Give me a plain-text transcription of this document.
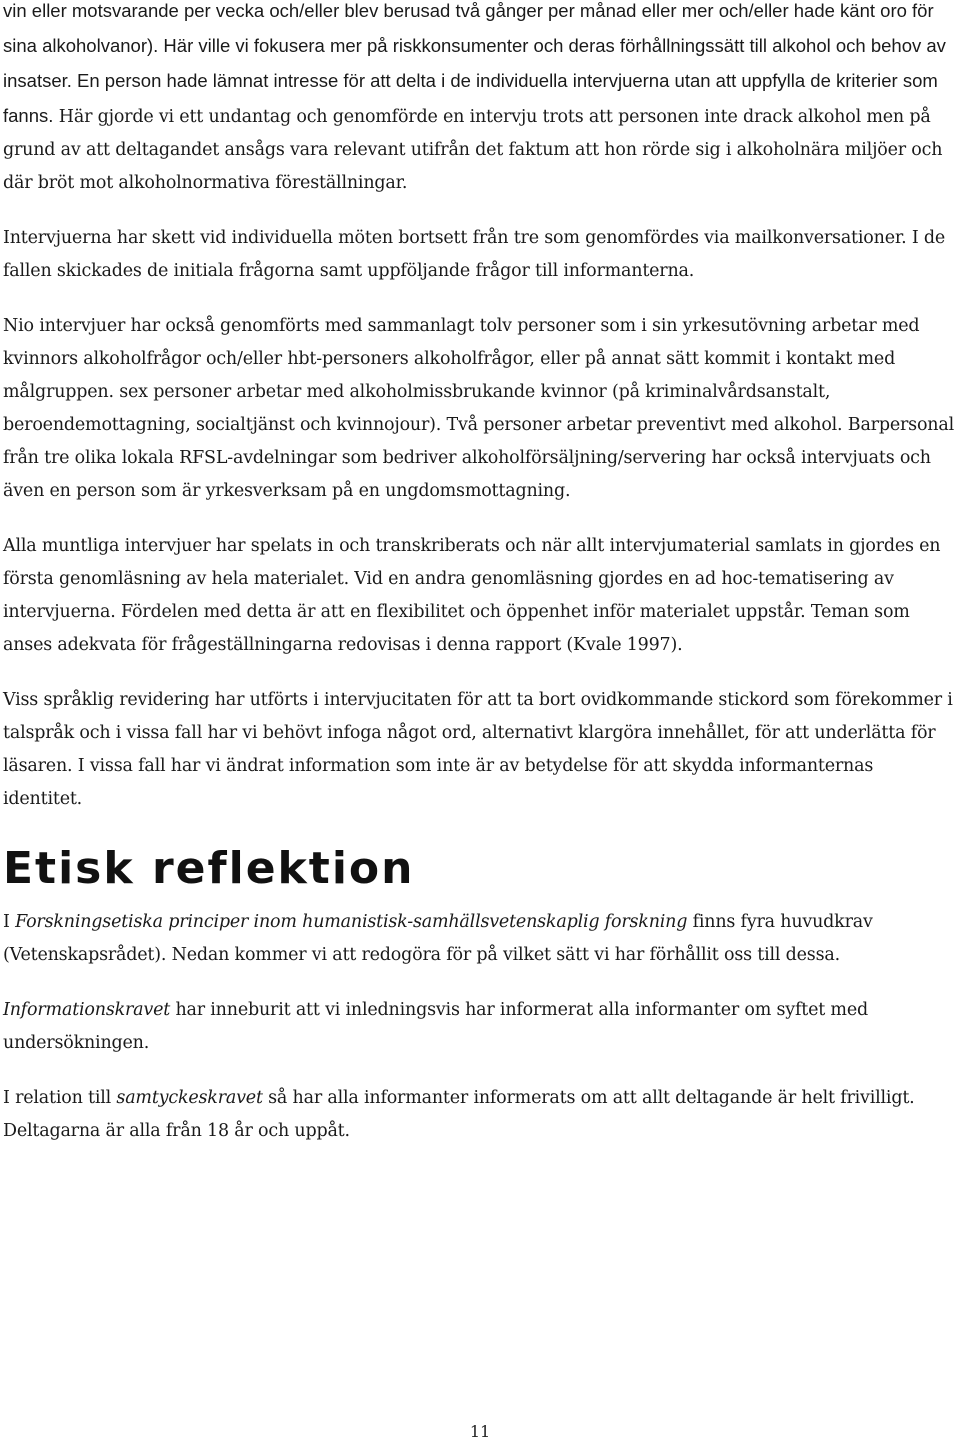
vin eller motsvarande per vecka och/eller blev berusad två gånger per månad eller mer och/eller hade känt oro för sina alkoholvanor). Här ville vi fokusera mer på riskkonsumenter och deras förhållningssätt till alkohol och behov av insatser. En person hade lämnat intresse för att delta i de individuella intervjuerna utan att uppfylla de kriterier som fanns. Här gjorde vi ett undantag och genomförde en intervju trots att personen inte drack alkohol men på grund av att deltagandet ansågs vara relevant utifrån det faktum att hon rörde sig i alkoholnära miljöer och där bröt mot alkoholnormativa föreställningar.

Intervjuerna har skett vid individuella möten bortsett från tre som genomfördes via mailkonversationer. I de fallen skickades de initiala frågorna samt uppföljande frågor till informanterna.

Nio intervjuer har också genomförts med sammanlagt tolv personer som i sin yrkesutövning arbetar med kvinnors alkoholfrågor och/eller hbt-personers alkoholfrågor, eller på annat sätt kommit i kontakt med målgruppen. sex personer arbetar med alkoholmissbrukande kvinnor (på kriminalvårdsanstalt, beroendemottagning, socialtjänst och kvinnojour). Två personer arbetar preventivt med alkohol. Barpersonal från tre olika lokala RFSL-avdelningar som bedriver alkoholförsäljning/servering har också intervjuats och även en person som är yrkesverksam på en ungdomsmottagning.

Alla muntliga intervjuer har spelats in och transkriberats och när allt intervjumaterial samlats in gjordes en första genomläsning av hela materialet. Vid en andra genomläsning gjordes en ad hoc-tematisering av intervjuerna. Fördelen med detta är att en flexibilitet och öppenhet inför materialet uppstår. Teman som anses adekvata för frågeställningarna redovisas i denna rapport (Kvale 1997).

Viss språklig revidering har utförts i intervjucitaten för att ta bort ovidkommande stickord som förekommer i talspråk och i vissa fall har vi behövt infoga något ord, alternativt klargöra innehållet, för att underlätta för läsaren. I vissa fall har vi ändrat information som inte är av betydelse för att skydda informanternas identitet.

Etisk reflektion

I Forskningsetiska principer inom humanistisk-samhällsvetenskaplig forskning finns fyra huvudkrav (Vetenskapsrådet). Nedan kommer vi att redogöra för på vilket sätt vi har förhållit oss till dessa.

Informationskravet har inneburit att vi inledningsvis har informerat alla informanter om syftet med undersökningen.

I relation till samtyckeskravet så har alla informanter informerats om att allt deltagande är helt frivilligt. Deltagarna är alla från 18 år och uppåt.

11
